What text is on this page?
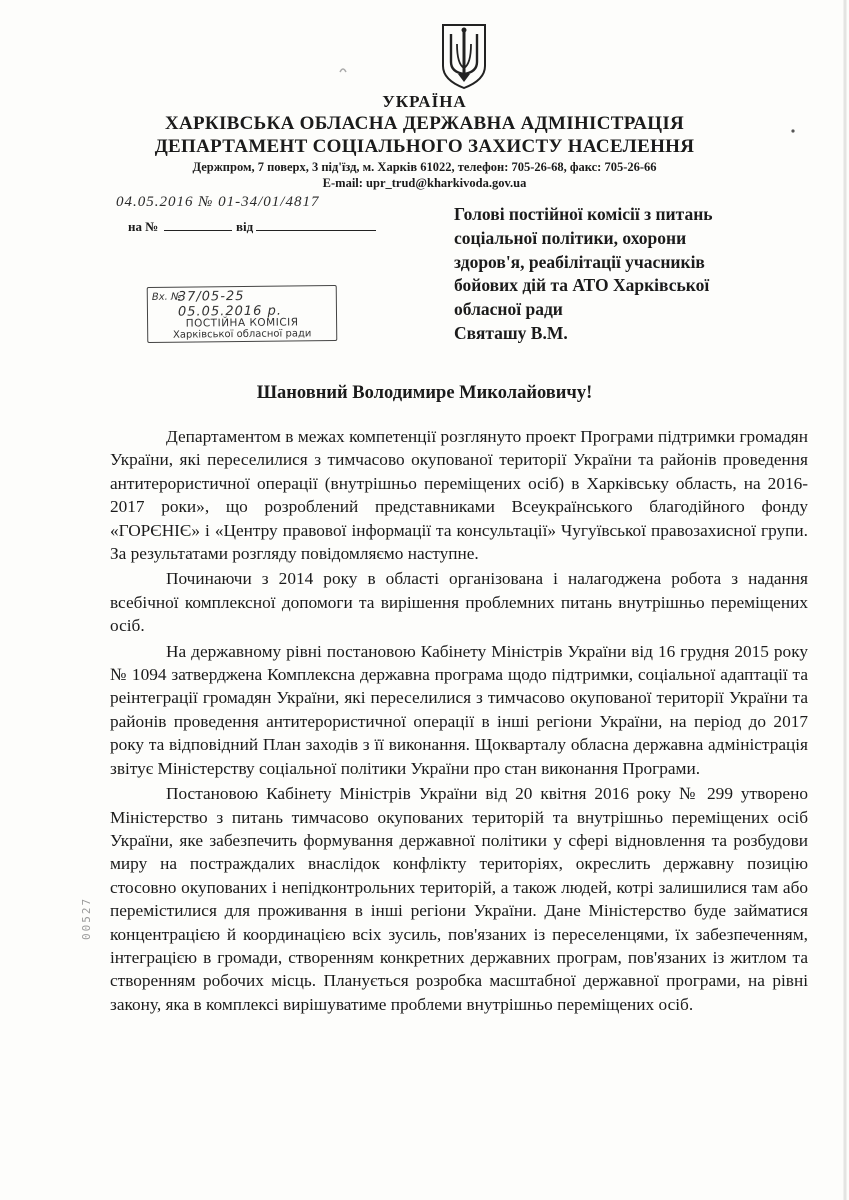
УКРАЇНА
ХАРКІВСЬКА ОБЛАСНА ДЕРЖАВНА АДМІНІСТРАЦІЯ
ДЕПАРТАМЕНТ СОЦІАЛЬНОГО ЗАХИСТУ НАСЕЛЕННЯ
Держпром, 7 поверх, 3 під'їзд, м. Харків 61022, телефон: 705-26-68, факс: 705-26-66
E-mail: upr_trud@kharkivoda.gov.ua
04.05.2016 № 01-34/01/4817
на №	від
Вх. №
37/05-25
05.05.2016 р.
ПОСТІЙНА КОМІСІЯ
Харківської обласної ради
Голові постійної комісії з питань
соціальної політики, охорони
здоров'я, реабілітації учасників
бойових дій та АТО Харківської
обласної ради
Святашу В.М.
Шановний Володимире Миколайовичу!

Департаментом в межах компетенції розглянуто проект Програми підтримки громадян України, які переселилися з тимчасово окупованої території України та районів проведення антитерористичної операції (внутрішньо переміщених осіб) в Харківську область, на 2016-2017 роки», що розроблений представниками Всеукраїнського благодійного фонду «ГОРЄНІЄ» і «Центру правової інформації та консультації» Чугуївської правозахисної групи. За результатами розгляду повідомляємо наступне.

Починаючи з 2014 року в області організована і налагоджена робота з надання всебічної комплексної допомоги та вирішення проблемних питань внутрішньо переміщених осіб.

На державному рівні постановою Кабінету Міністрів України від 16 грудня 2015 року № 1094 затверджена Комплексна державна програма щодо підтримки, соціальної адаптації та реінтеграції громадян України, які переселилися з тимчасово окупованої території України та районів проведення антитерористичної операції в інші регіони України, на період до 2017 року та відповідний План заходів з її виконання. Щокварталу обласна державна адміністрація звітує Міністерству соціальної політики України про стан виконання Програми.

Постановою Кабінету Міністрів України від 20 квітня 2016 року № 299 утворено Міністерство з питань тимчасово окупованих територій та внутрішньо переміщених осіб України, яке забезпечить формування державної політики у сфері відновлення та розбудови миру на постраждалих внаслідок конфлікту територіях, окреслить державну позицію стосовно окупованих і непідконтрольних територій, а також людей, котрі залишилися там або перемістилися для проживання в інші регіони України. Дане Міністерство буде займатися концентрацією й координацією всіх зусиль, пов'язаних із переселенцями, їх забезпеченням, інтеграцією в громади, створенням конкретних державних програм, пов'язаних із житлом та створенням робочих місць. Планується розробка масштабної державної програми, на рівні закону, яка в комплексі вирішуватиме проблеми внутрішньо переміщених осіб.

00527
